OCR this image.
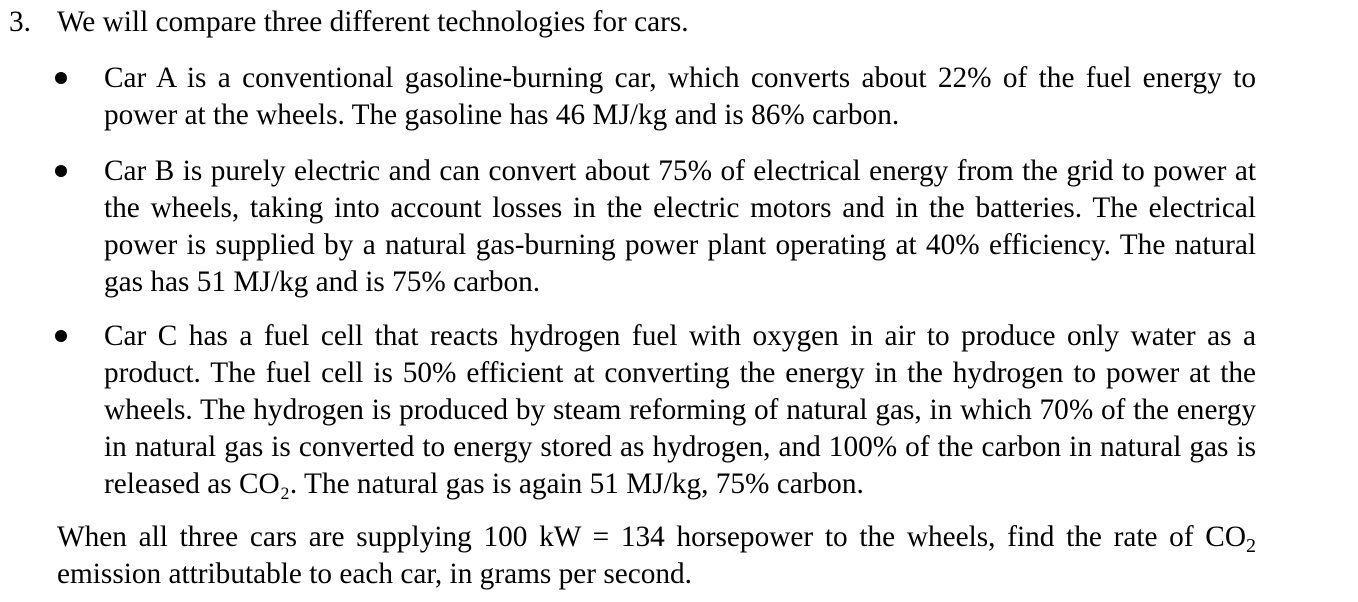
3. We will compare three different technologies for cars.
Car A is a conventional gasoline-burning car, which converts about 22% of the fuel energy to power at the wheels. The gasoline has 46 MJ/kg and is 86% carbon.
Car B is purely electric and can convert about 75% of electrical energy from the grid to power at the wheels, taking into account losses in the electric motors and in the batteries. The electrical power is supplied by a natural gas-burning power plant operating at 40% efficiency. The natural gas has 51 MJ/kg and is 75% carbon.
Car C has a fuel cell that reacts hydrogen fuel with oxygen in air to produce only water as a product. The fuel cell is 50% efficient at converting the energy in the hydrogen to power at the wheels. The hydrogen is produced by steam reforming of natural gas, in which 70% of the energy in natural gas is converted to energy stored as hydrogen, and 100% of the carbon in natural gas is released as CO₂. The natural gas is again 51 MJ/kg, 75% carbon.
When all three cars are supplying 100 kW = 134 horsepower to the wheels, find the rate of $CO_2$ emission attributable to each car, in grams per second.
